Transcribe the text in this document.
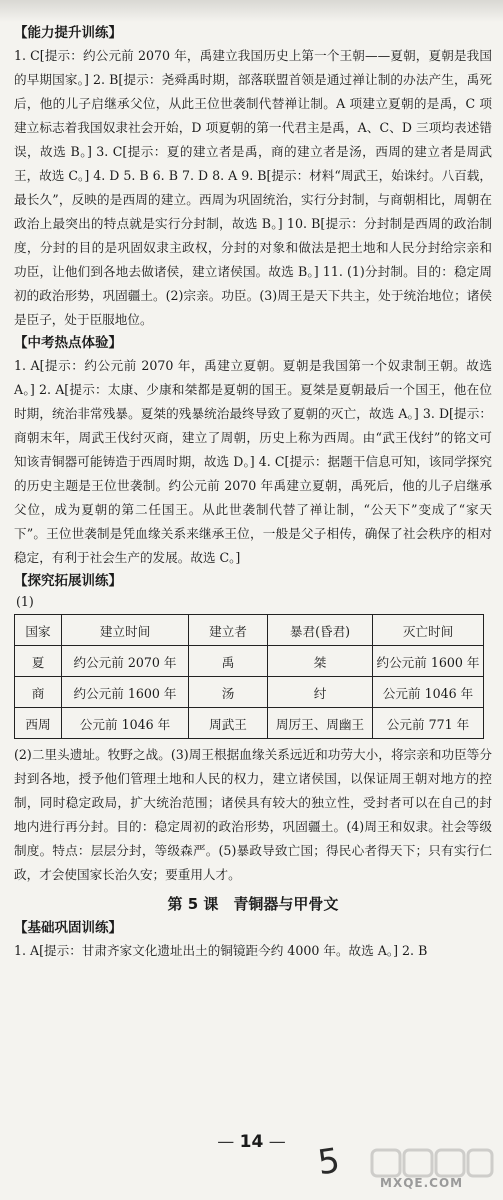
【能力提升训练】

1. C[提示：约公元前 2070 年，禹建立我国历史上第一个王朝——夏朝，夏朝是我国的早期国家。] 2. B[提示：尧舜禹时期，部落联盟首领是通过禅让制的办法产生，禹死后，他的儿子启继承父位，从此王位世袭制代替禅让制。A 项建立夏朝的是禹，C 项建立标志着我国奴隶社会开始，D 项夏朝的第一代君主是禹，A、C、D 三项均表述错误，故选 B。] 3. C[提示：夏的建立者是禹，商的建立者是汤，西周的建立者是周武王，故选 C。] 4. D 5. B 6. B 7. D 8. A 9. B[提示：材料“周武王，始诛纣。八百载，最长久”，反映的是西周的建立。西周为巩固统治，实行分封制，与商朝相比，周朝在政治上最突出的特点就是实行分封制，故选 B。] 10. B[提示：分封制是西周的政治制度，分封的目的是巩固奴隶主政权，分封的对象和做法是把土地和人民分封给宗亲和功臣，让他们到各地去做诸侯，建立诸侯国。故选 B。] 11. (1)分封制。目的：稳定周初的政治形势，巩固疆土。(2)宗亲。功臣。(3)周王是天下共主，处于统治地位；诸侯是臣子，处于臣服地位。

【中考热点体验】

1. A[提示：约公元前 2070 年，禹建立夏朝。夏朝是我国第一个奴隶制王朝。故选 A。] 2. A[提示：太康、少康和桀都是夏朝的国王。夏桀是夏朝最后一个国王，他在位时期，统治非常残暴。夏桀的残暴统治最终导致了夏朝的灭亡，故选 A。] 3. D[提示：商朝末年，周武王伐纣灭商，建立了周朝，历史上称为西周。由“武王伐纣”的铭文可知该青铜器可能铸造于西周时期，故选 D。] 4. C[提示：据题干信息可知，该同学探究的历史主题是王位世袭制。约公元前 2070 年禹建立夏朝，禹死后，他的儿子启继承父位，成为夏朝的第二任国王。从此世袭制代替了禅让制，“公天下”变成了“家天下”。王位世袭制是凭血缘关系来继承王位，一般是父子相传，确保了社会秩序的相对稳定，有利于社会生产的发展。故选 C。]

【探究拓展训练】
(1)
国家	建立时间	建立者	暴君(昏君)	灭亡时间
夏	约公元前 2070 年	禹	桀	约公元前 1600 年
商	约公元前 1600 年	汤	纣	公元前 1046 年
西周	公元前 1046 年	周武王	周厉王、周幽王	公元前 771 年

(2)二里头遗址。牧野之战。(3)周王根据血缘关系远近和功劳大小，将宗亲和功臣等分封到各地，授予他们管理土地和人民的权力，建立诸侯国，以保证周王朝对地方的控制，同时稳定政局，扩大统治范围；诸侯具有较大的独立性，受封者可以在自己的封地内进行再分封。目的：稳定周初的政治形势，巩固疆土。(4)周王和奴隶。社会等级制度。特点：层层分封，等级森严。(5)暴政导致亡国；得民心者得天下；只有实行仁政，才会使国家长治久安；要重用人才。

第 5 课　青铜器与甲骨文
【基础巩固训练】

1. A[提示：甘肃齐家文化遗址出土的铜镜距今约 4000 年。故选 A。] 2. B

— 14 — 5	MXQE.COM
